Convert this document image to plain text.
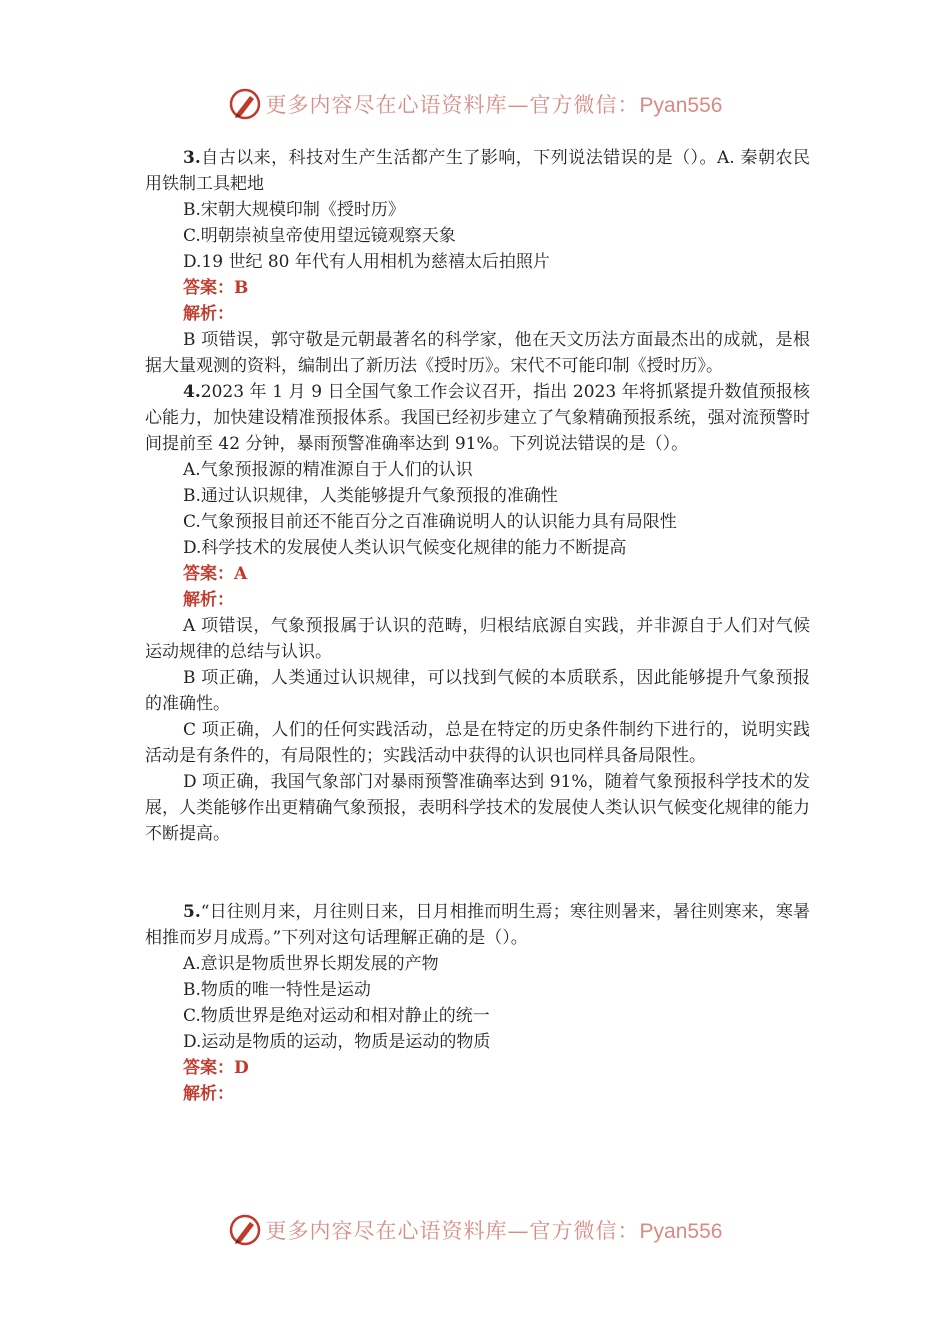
更多内容尽在心语资料库—官方微信：Pyan556

3.自古以来，科技对生产生活都产生了影响，下列说法错误的是（）。A. 秦朝农民用铁制工具耙地

B.宋朝大规模印制《授时历》

C.明朝崇祯皇帝使用望远镜观察天象

D.19 世纪 80 年代有人用相机为慈禧太后拍照片

答案：B

解析：

B 项错误，郭守敬是元朝最著名的科学家，他在天文历法方面最杰出的成就，是根据大量观测的资料，编制出了新历法《授时历》。宋代不可能印制《授时历》。

4.2023 年 1 月 9 日全国气象工作会议召开，指出 2023 年将抓紧提升数值预报核心能力，加快建设精准预报体系。我国已经初步建立了气象精确预报系统，强对流预警时间提前至 42 分钟，暴雨预警准确率达到 91%。下列说法错误的是（）。

A.气象预报源的精准源自于人们的认识

B.通过认识规律，人类能够提升气象预报的准确性

C.气象预报目前还不能百分之百准确说明人的认识能力具有局限性

D.科学技术的发展使人类认识气候变化规律的能力不断提高

答案：A

解析：

A 项错误，气象预报属于认识的范畴，归根结底源自实践，并非源自于人们对气候运动规律的总结与认识。

B 项正确，人类通过认识规律，可以找到气候的本质联系，因此能够提升气象预报的准确性。

C 项正确，人们的任何实践活动，总是在特定的历史条件制约下进行的，说明实践活动是有条件的，有局限性的；实践活动中获得的认识也同样具备局限性。

D 项正确，我国气象部门对暴雨预警准确率达到 91%，随着气象预报科学技术的发展，人类能够作出更精确气象预报，表明科学技术的发展使人类认识气候变化规律的能力不断提高。

5.“日往则月来，月往则日来，日月相推而明生焉；寒往则暑来，暑往则寒来，寒暑相推而岁月成焉。”下列对这句话理解正确的是（）。

A.意识是物质世界长期发展的产物

B.物质的唯一特性是运动

C.物质世界是绝对运动和相对静止的统一

D.运动是物质的运动，物质是运动的物质

答案：D

解析：

更多内容尽在心语资料库—官方微信：Pyan556
